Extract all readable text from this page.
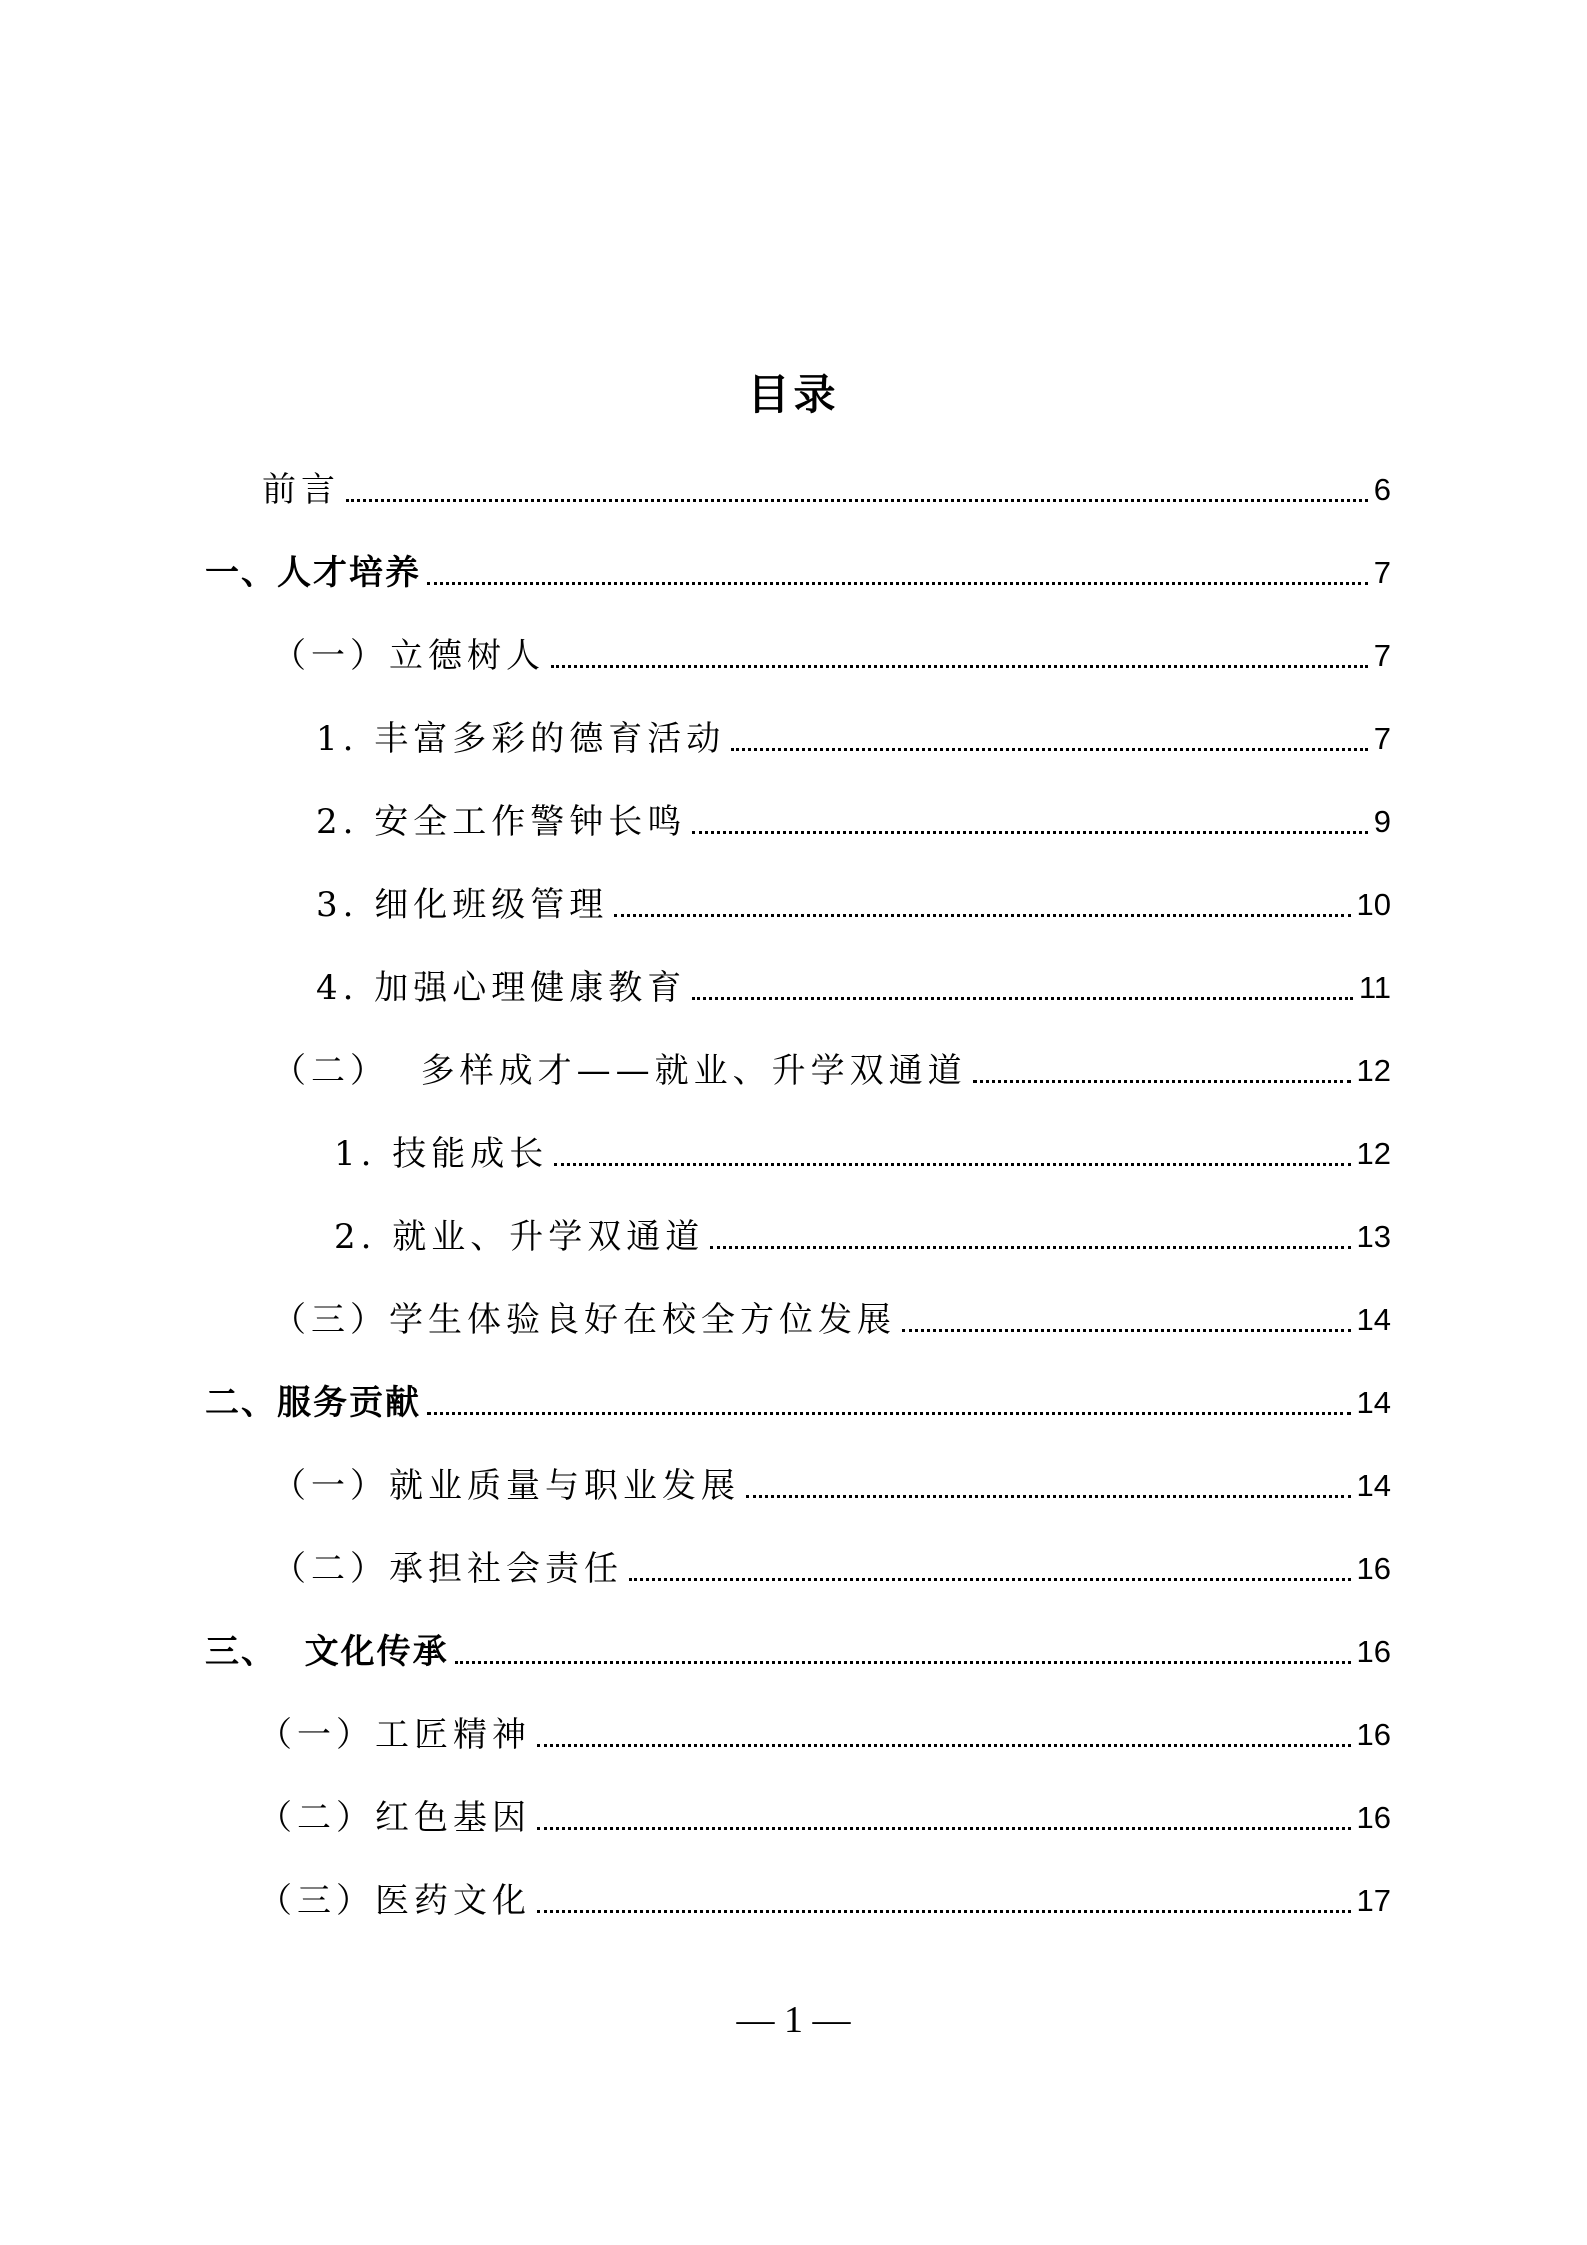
目录
前言	6
一、人才培养	7
（一）立德树人	7
1. 丰富多彩的德育活动	7
2. 安全工作警钟长鸣	9
3. 细化班级管理	10
4. 加强心理健康教育	11
（二）  多样成才——就业、升学双通道	12
1. 技能成长	12
2. 就业、升学双通道	13
（三）学生体验良好在校全方位发展	14
二、服务贡献	14
（一）就业质量与职业发展	14
（二）承担社会责任	16
三、  文化传承	16
（一）工匠精神	16
（二）红色基因	16
（三）医药文化	17
— 1 —
